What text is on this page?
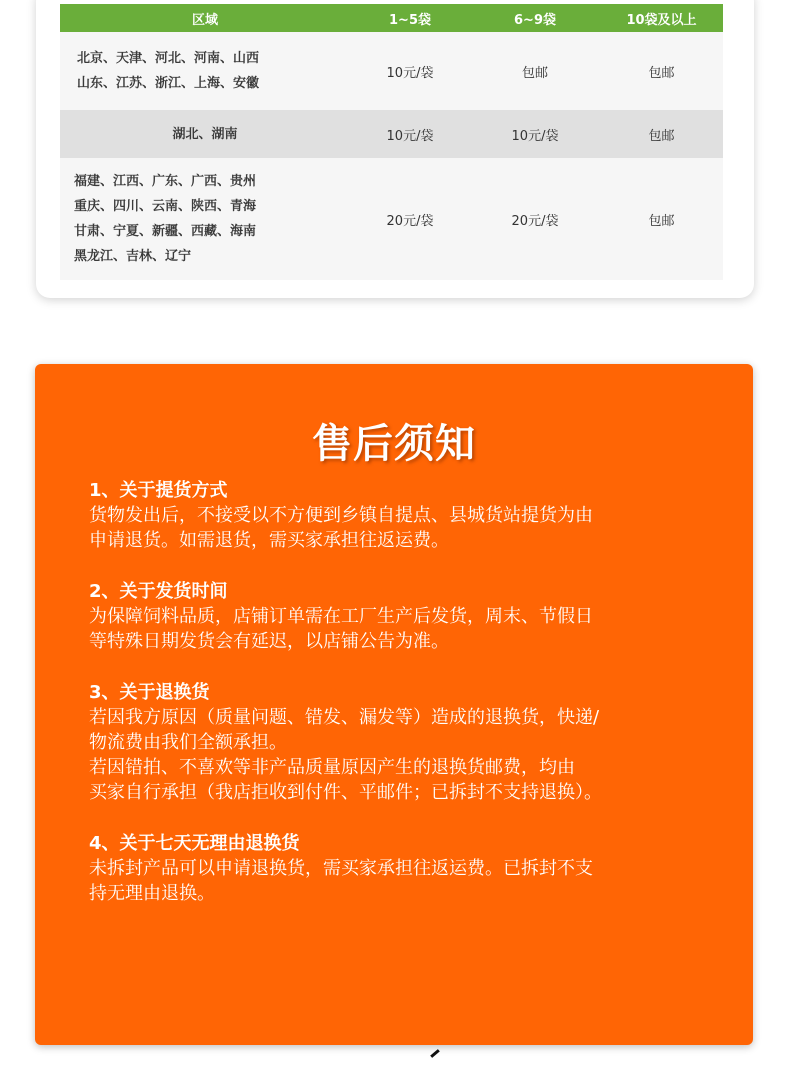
区域	1~5袋	6~9袋	10袋及以上

北京、天津、河北、河南、山西
山东、江苏、浙江、上海、安徽	10元/袋	包邮	包邮

湖北、湖南	10元/袋	10元/袋	包邮

福建、江西、广东、广西、贵州
重庆、四川、云南、陕西、青海
甘肃、宁夏、新疆、西藏、海南
黑龙江、吉林、辽宁	20元/袋	20元/袋	包邮
售后须知

1、关于提货方式

货物发出后，不接受以不方便到乡镇自提点、县城货站提货为由

申请退货。如需退货，需买家承担往返运费。

2、关于发货时间

为保障饲料品质，店铺订单需在工厂生产后发货，周末、节假日

等特殊日期发货会有延迟，以店铺公告为准。

3、关于退换货

若因我方原因（质量问题、错发、漏发等）造成的退换货，快递/

物流费由我们全额承担。

若因错拍、不喜欢等非产品质量原因产生的退换货邮费，均由

买家自行承担（我店拒收到付件、平邮件；已拆封不支持退换）。

4、关于七天无理由退换货

未拆封产品可以申请退换货，需买家承担往返运费。已拆封不支

持无理由退换。
